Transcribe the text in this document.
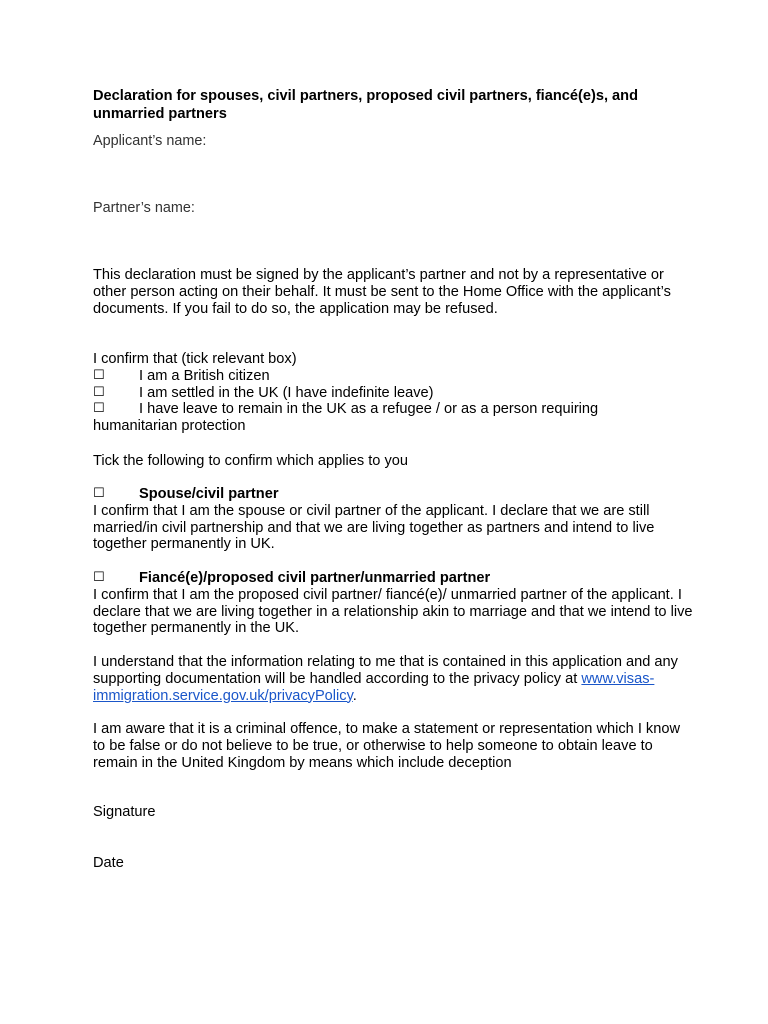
Declaration for spouses, civil partners, proposed civil partners, fiancé(e)s, and unmarried partners
Applicant’s name:
Partner’s name:

This declaration must be signed by the applicant’s partner and not by a representative or other person acting on their behalf. It must be sent to the Home Office with the applicant’s documents. If you fail to do so, the application may be refused.

I confirm that (tick relevant box)

☐	I am a British citizen
☐	I am settled in the UK (I have indefinite leave)
☐	I have leave to remain in the UK as a refugee / or as a person requiring
humanitarian protection

Tick the following to confirm which applies to you

☐	Spouse/civil partner

I confirm that I am the spouse or civil partner of the applicant. I declare that we are still married/in civil partnership and that we are living together as partners and intend to live together permanently in UK.

☐	Fiancé(e)/proposed civil partner/unmarried partner

I confirm that I am the proposed civil partner/ fiancé(e)/ unmarried partner of the applicant. I declare that we are living together in a relationship akin to marriage and that we intend to live together permanently in the UK.

I understand that the information relating to me that is contained in this application and any supporting documentation will be handled according to the privacy policy at www.visas-immigration.service.gov.uk/privacyPolicy.

I am aware that it is a criminal offence, to make a statement or representation which I know to be false or do not believe to be true, or otherwise to help someone to obtain leave to remain in the United Kingdom by means which include deception

Signature
Date
